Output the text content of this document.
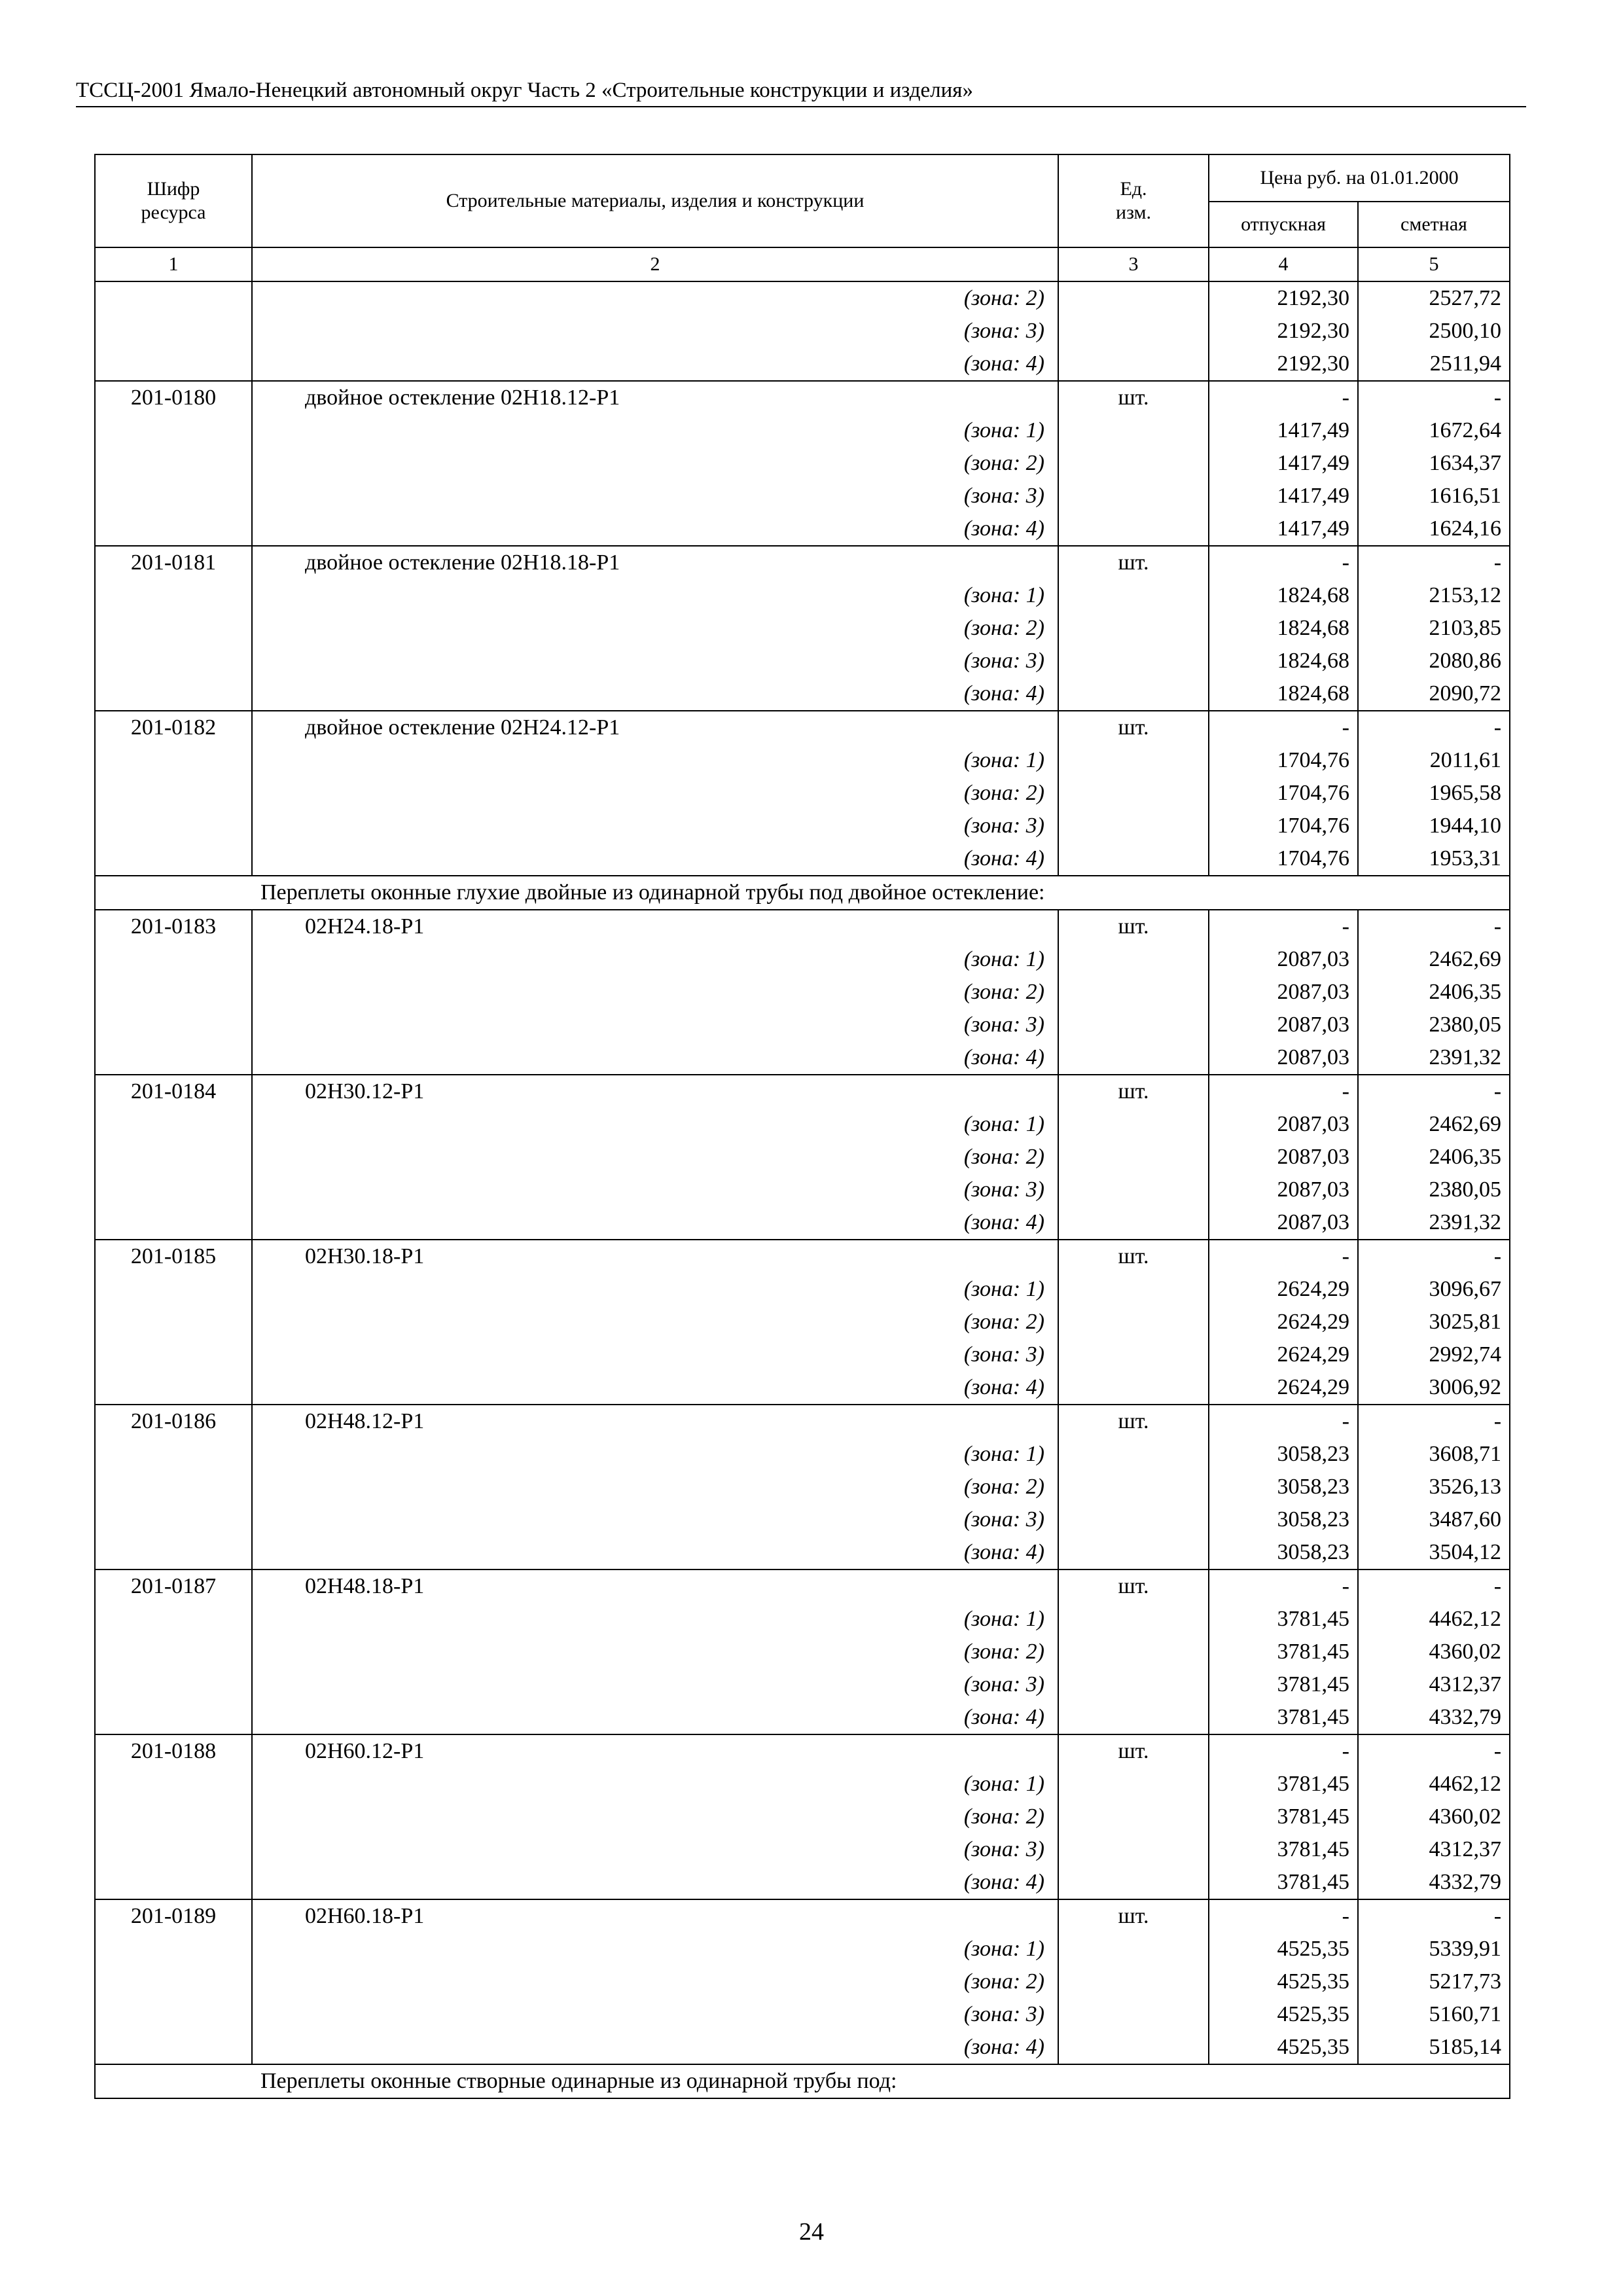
ТССЦ-2001 Ямало-Ненецкий автономный округ Часть 2 «Строительные конструкции и изделия»
Шифр ресурса	Строительные материалы, изделия и конструкции	Ед. изм.	Цена руб. на 01.01.2000	
			отпускная	сметная
1	2	3	4	5
	(зона: 2)		2192,30	2527,72
	(зона: 3)		2192,30	2500,10
	(зона: 4)		2192,30	2511,94
201-0180	двойное остекление 02Н18.12-Р1	шт.	-	-
	(зона: 1)		1417,49	1672,64
	(зона: 2)		1417,49	1634,37
	(зона: 3)		1417,49	1616,51
	(зона: 4)		1417,49	1624,16
201-0181	двойное остекление 02Н18.18-Р1	шт.	-	-
	(зона: 1)		1824,68	2153,12
	(зона: 2)		1824,68	2103,85
	(зона: 3)		1824,68	2080,86
	(зона: 4)		1824,68	2090,72
201-0182	двойное остекление 02Н24.12-Р1	шт.	-	-
	(зона: 1)		1704,76	2011,61
	(зона: 2)		1704,76	1965,58
	(зона: 3)		1704,76	1944,10
	(зона: 4)		1704,76	1953,31
Переплеты оконные глухие двойные из одинарной трубы под двойное остекление:				
201-0183	02Н24.18-Р1	шт.	-	-
	(зона: 1)		2087,03	2462,69
	(зона: 2)		2087,03	2406,35
	(зона: 3)		2087,03	2380,05
	(зона: 4)		2087,03	2391,32
201-0184	02Н30.12-Р1	шт.	-	-
	(зона: 1)		2087,03	2462,69
	(зона: 2)		2087,03	2406,35
	(зона: 3)		2087,03	2380,05
	(зона: 4)		2087,03	2391,32
201-0185	02Н30.18-Р1	шт.	-	-
	(зона: 1)		2624,29	3096,67
	(зона: 2)		2624,29	3025,81
	(зона: 3)		2624,29	2992,74
	(зона: 4)		2624,29	3006,92
201-0186	02Н48.12-Р1	шт.	-	-
	(зона: 1)		3058,23	3608,71
	(зона: 2)		3058,23	3526,13
	(зона: 3)		3058,23	3487,60
	(зона: 4)		3058,23	3504,12
201-0187	02Н48.18-Р1	шт.	-	-
	(зона: 1)		3781,45	4462,12
	(зона: 2)		3781,45	4360,02
	(зона: 3)		3781,45	4312,37
	(зона: 4)		3781,45	4332,79
201-0188	02Н60.12-Р1	шт.	-	-
	(зона: 1)		3781,45	4462,12
	(зона: 2)		3781,45	4360,02
	(зона: 3)		3781,45	4312,37
	(зона: 4)		3781,45	4332,79
201-0189	02Н60.18-Р1	шт.	-	-
	(зона: 1)		4525,35	5339,91
	(зона: 2)		4525,35	5217,73
	(зона: 3)		4525,35	5160,71
	(зона: 4)		4525,35	5185,14
Переплеты оконные створные одинарные из одинарной трубы под:				
24
